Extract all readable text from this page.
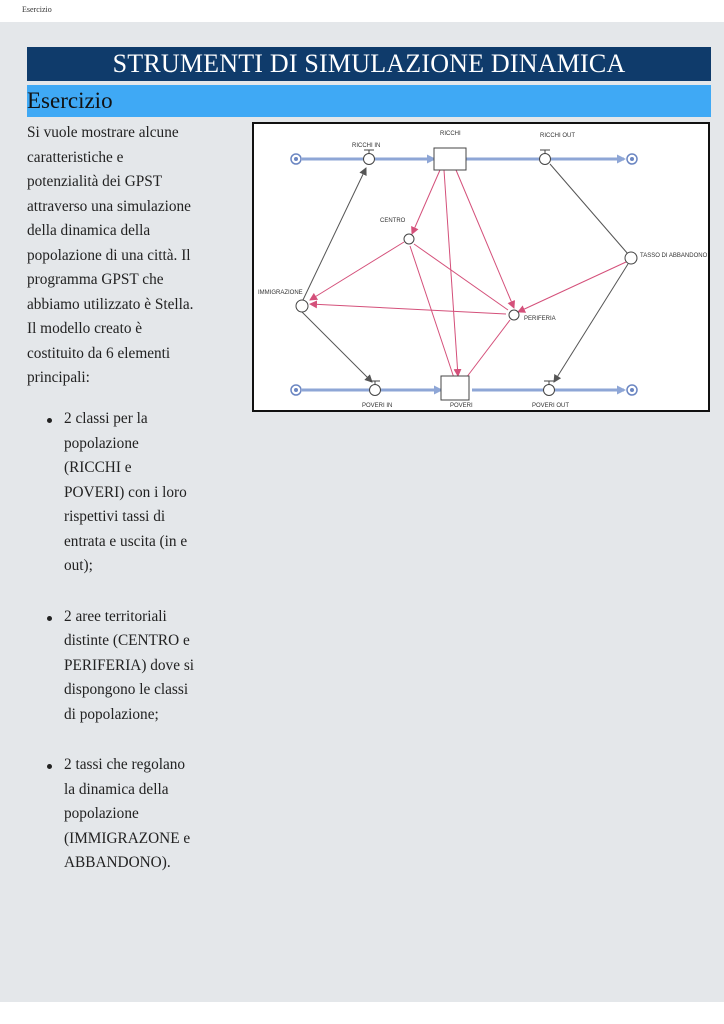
Esercizio
STRUMENTI DI SIMULAZIONE DINAMICA
Esercizio
Si vuole mostrare alcune
caratteristiche e
potenzialità dei GPST
attraverso una simulazione
della dinamica della
popolazione di una città. Il
programma GPST che
abbiamo utilizzato è Stella.
Il modello creato è
costituito da 6 elementi
principali:
2 classi per la
popolazione
(RICCHI e
POVERI) con i loro
rispettivi tassi di
entrata e uscita (in e
out);
2 aree territoriali
distinte (CENTRO e
PERIFERIA) dove si
dispongono le classi
di popolazione;
2 tassi che regolano
la dinamica della
popolazione
(IMMIGRAZONE e
ABBANDONO).
RICCHI
RICCHI IN
RICCHI OUT
CENTRO
TASSO DI ABBANDONO
IMMIGRAZIONE
PERIFERIA
POVERI IN	POVERI	POVERI OUT
